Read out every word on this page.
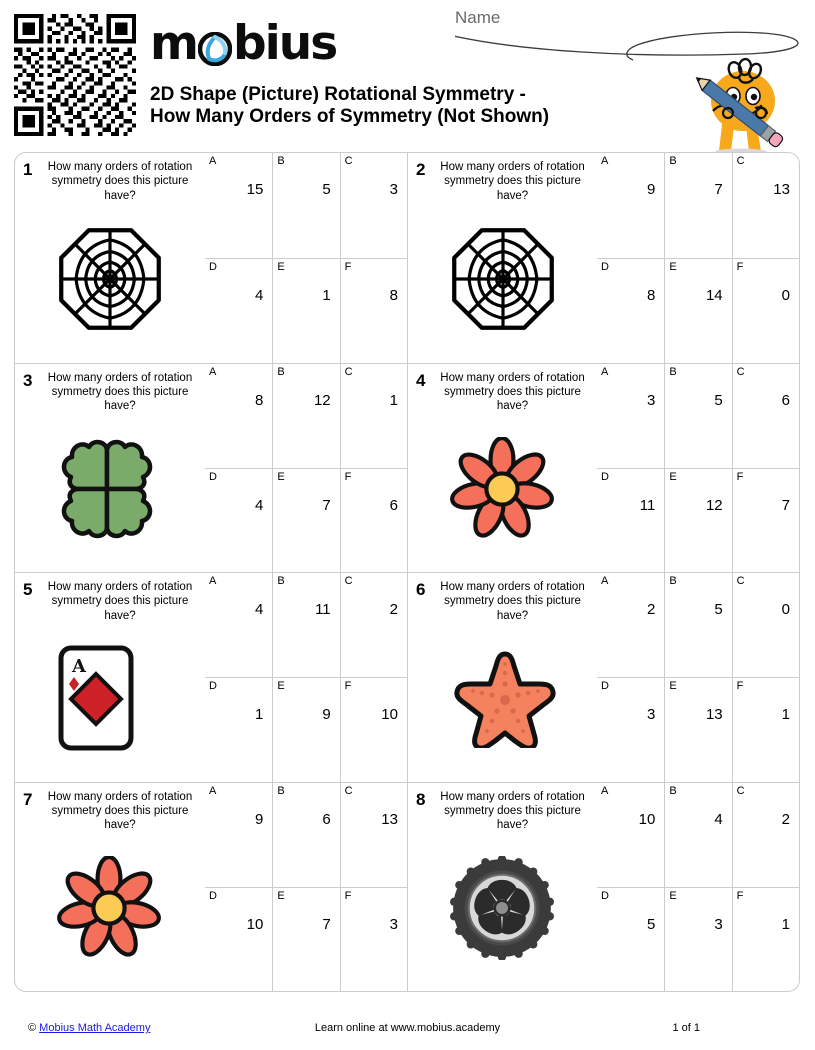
m bius
2D Shape (Picture) Rotational Symmetry - How Many Orders of Symmetry (Not Shown)
Name
1	How many orders of rotation symmetry does this picture have?
A
15
B
5
C
3
D
4
E
1
F
8
2	How many orders of rotation symmetry does this picture have?
A
9
B
7
C
13
D
8
E
14
F
0
3	How many orders of rotation symmetry does this picture have?
A
8
B
12
C
1
D
4
E
7
F
6
4	How many orders of rotation symmetry does this picture have?
A
3
B
5
C
6
D
11
E
12
F
7
5	How many orders of rotation symmetry does this picture have?
A
A
4
B
11
C
2
D
1
E
9
F
10
6	How many orders of rotation symmetry does this picture have?
A
2
B
5
C
0
D
3
E
13
F
1
7	How many orders of rotation symmetry does this picture have?
A
9
B
6
C
13
D
10
E
7
F
3
8	How many orders of rotation symmetry does this picture have?
A
10
B
4
C
2
D
5
E
3
F
1
© Mobius Math Academy	Learn online at www.mobius.academy	1 of 1
